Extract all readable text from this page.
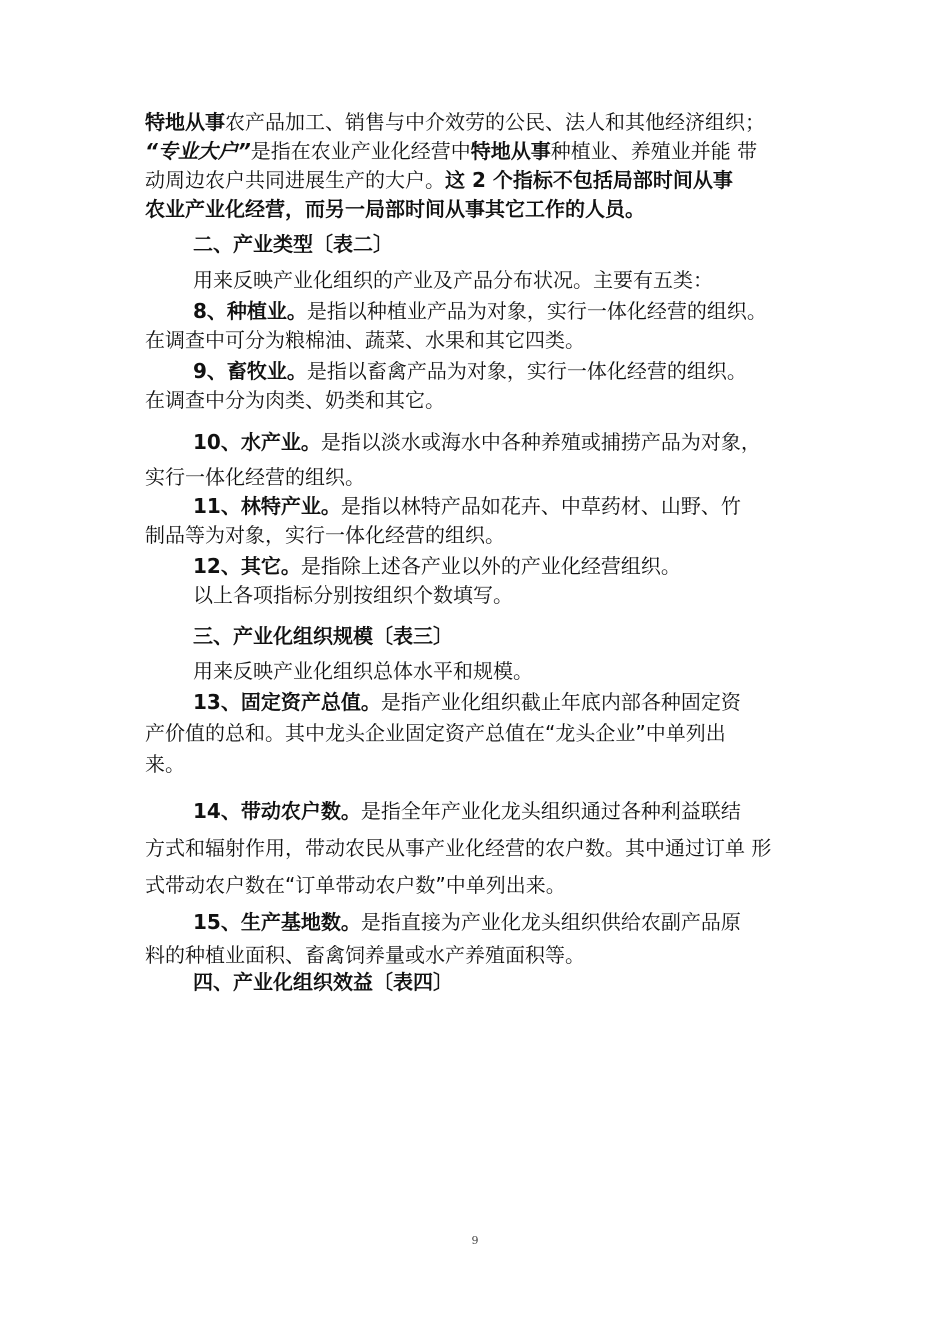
特地从事农产品加工、销售与中介效劳的公民、法人和其他经济组织；

“专业大户”是指在农业产业化经营中特地从事种植业、养殖业并能 带

动周边农户共同进展生产的大户。这 2 个指标不包括局部时间从事

农业产业化经营，而另一局部时间从事其它工作的人员。

二、产业类型〔表二〕
用来反映产业化组织的产业及产品分布状况。主要有五类：

8、种植业。是指以种植业产品为对象，实行一体化经营的组织。

在调查中可分为粮棉油、蔬菜、水果和其它四类。

9、畜牧业。是指以畜禽产品为对象，实行一体化经营的组织。

在调查中分为肉类、奶类和其它。

10、水产业。是指以淡水或海水中各种养殖或捕捞产品为对象，

实行一体化经营的组织。

11、林特产业。是指以林特产品如花卉、中草药材、山野、竹

制品等为对象，实行一体化经营的组织。

12、其它。是指除上述各产业以外的产业化经营组织。

以上各项指标分别按组织个数填写。

三、产业化组织规模〔表三〕
用来反映产业化组织总体水平和规模。

13、固定资产总值。是指产业化组织截止年底内部各种固定资

产价值的总和。其中龙头企业固定资产总值在“龙头企业”中单列出

来。

14、带动农户数。是指全年产业化龙头组织通过各种利益联结

方式和辐射作用，带动农民从事产业化经营的农户数。其中通过订单 形

式带动农户数在“订单带动农户数”中单列出来。

15、生产基地数。是指直接为产业化龙头组织供给农副产品原

料的种植业面积、畜禽饲养量或水产养殖面积等。

四、产业化组织效益〔表四〕
9
